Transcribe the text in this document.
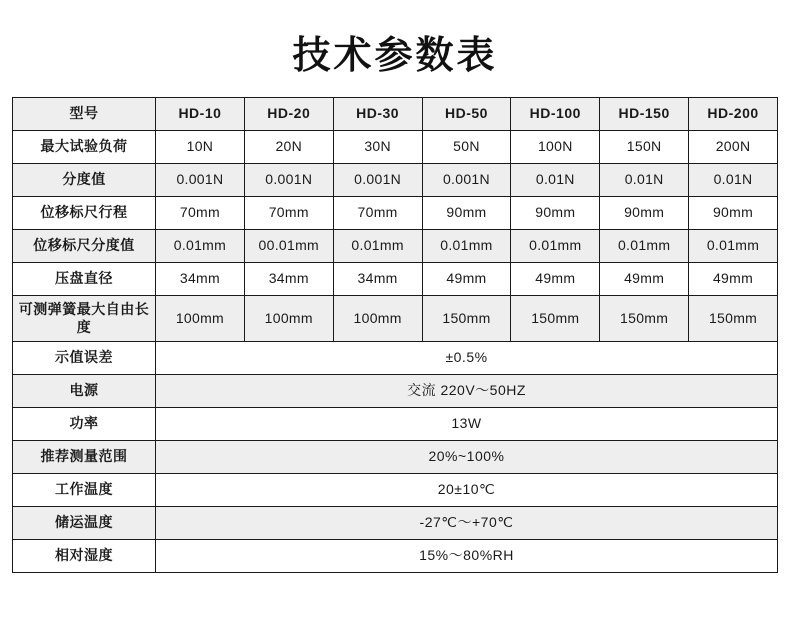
技术参数表
型号	HD-10	HD-20	HD-30	HD-50	HD-100	HD-150	HD-200
最大试验负荷	10N	20N	30N	50N	100N	150N	200N
分度值	0.001N	0.001N	0.001N	0.001N	0.01N	0.01N	0.01N
位移标尺行程	70mm	70mm	70mm	90mm	90mm	90mm	90mm
位移标尺分度值	0.01mm	00.01mm	0.01mm	0.01mm	0.01mm	0.01mm	0.01mm
压盘直径	34mm	34mm	34mm	49mm	49mm	49mm	49mm
可测弹簧最大自由长度	100mm	100mm	100mm	150mm	150mm	150mm	150mm
示值误差	±0.5%						
电源	交流 220V～50HZ						
功率	13W						
推荐测量范围	20%~100%						
工作温度	20±10℃						
储运温度	-27℃～+70℃						
相对湿度	15%～80%RH						
